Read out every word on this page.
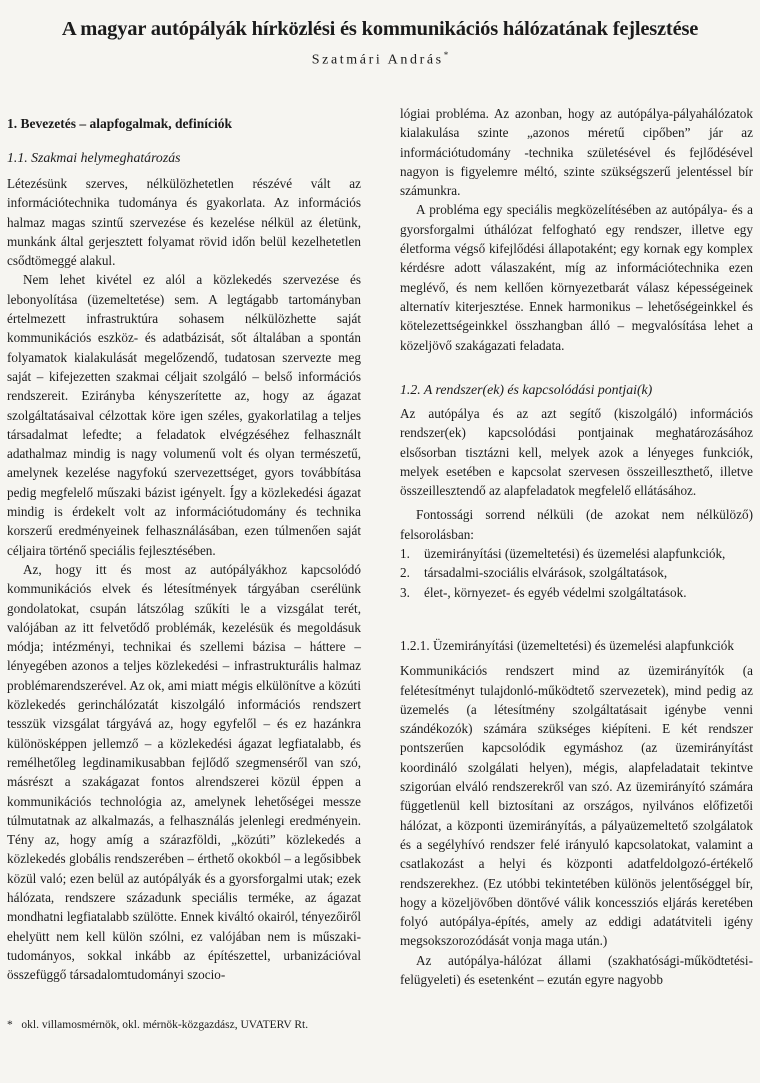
A magyar autópályák hírközlési és kommunikációs hálózatának fejlesztése
Szatmári András*
1. Bevezetés – alapfogalmak, definíciók
1.1. Szakmai helymeghatározás

Létezésünk szerves, nélkülözhetetlen részévé vált az információtechnika tudománya és gyakorlata. Az információs halmaz magas szintű szervezése és kezelése nélkül az életünk, munkánk által gerjesztett folyamat rövid időn belül kezelhetetlen csődtömeggé alakul.

Nem lehet kivétel ez alól a közlekedés szervezése és lebonyolítása (üzemeltetése) sem. A legtágabb tartományban értelmezett infrastruktúra sohasem nélkülözhette saját kommunikációs eszköz- és adatbázisát, sőt általában a spontán folyamatok kialakulását megelőzendő, tudatosan szervezte meg saját – kifejezetten szakmai céljait szolgáló – belső információs rendszereit. Ezirányba kényszerítette az, hogy az ágazat szolgáltatásaival célzottak köre igen széles, gyakorlatilag a teljes társadalmat lefedte; a feladatok elvégzéséhez felhasznált adathalmaz mindig is nagy volumenű volt és olyan természetű, amelynek kezelése nagyfokú szervezettséget, gyors továbbítása pedig megfelelő műszaki bázist igényelt. Így a közlekedési ágazat mindig is érdekelt volt az információtudomány és technika korszerű eredményeinek felhasználásában, ezen túlmenően saját céljaira történő speciális fejlesztésében.

Az, hogy itt és most az autópályákhoz kapcsolódó kommunikációs elvek és létesítmények tárgyában cserélünk gondolatokat, csupán látszólag szűkíti le a vizsgálat terét, valójában az itt felvetődő problémák, kezelésük és megoldásuk módja; intézményi, technikai és szellemi bázisa – háttere – lényegében azonos a teljes közlekedési – infrastrukturális halmaz problémarendszerével. Az ok, ami miatt mégis elkülönítve a közúti közlekedés gerinchálózatát kiszolgáló információs rendszert tesszük vizsgálat tárgyává az, hogy egyfelől – és ez hazánkra különösképpen jellemző – a közlekedési ágazat legfiatalabb, és remélhetőleg legdinamikusabban fejlődő szegmenséről van szó, másrészt a szakágazat fontos alrendszerei közül éppen a kommunikációs technológia az, amelynek lehetőségei messze túlmutatnak az alkalmazás, a felhasználás jelenlegi eredményein. Tény az, hogy amíg a szárazföldi, „közúti” közlekedés a közlekedés globális rendszerében – érthető okokból – a legősibbek közül való; ezen belül az autópályák és a gyorsforgalmi utak; ezek hálózata, rendszere századunk speciális terméke, az ágazat mondhatni legfiatalabb szülötte. Ennek kiváltó okairól, tényezőiről ehelyütt nem kell külön szólni, ez valójában nem is műszaki-tudományos, sokkal inkább az építészettel, urbanizációval összefüggő társadalomtudományi szocio-

lógiai probléma. Az azonban, hogy az autópálya-pályahálózatok kialakulása szinte „azonos méretű cipőben” jár az információtudomány -technika születésével és fejlődésével nagyon is figyelemre méltó, szinte szükségszerű jelentéssel bír számunkra.

A probléma egy speciális megközelítésében az autópálya- és a gyorsforgalmi úthálózat felfogható egy rendszer, illetve egy életforma végső kifejlődési állapotaként; egy kornak egy komplex kérdésre adott válaszaként, míg az információtechnika ezen meglévő, és nem kellően környezetbarát válasz képességeinek alternatív kiterjesztése. Ennek harmonikus – lehetőségeinkkel és kötelezettségeinkkel összhangban álló – megvalósítása lehet a közeljövő szakágazati feladata.

1.2. A rendszer(ek) és kapcsolódási pontjai(k)

Az autópálya és az azt segítő (kiszolgáló) információs rendszer(ek) kapcsolódási pontjainak meghatározásához elsősorban tisztázni kell, melyek azok a lényeges funkciók, melyek esetében e kapcsolat szervesen összeilleszthető, illetve összeillesztendő az alapfeladatok megfelelő ellátásához.

Fontossági sorrend nélküli (de azokat nem nélkülöző) felsorolásban:

1. üzemirányítási (üzemeltetési) és üzemelési alapfunkciók,
2. társadalmi-szociális elvárások, szolgáltatások,
3. élet-, környezet- és egyéb védelmi szolgáltatások.

1.2.1. Üzemirányítási (üzemeltetési) és üzemelési alapfunkciók

Kommunikációs rendszert mind az üzemirányítók (a felétesítményt tulajdonló-működtető szervezetek), mind pedig az üzemelés (a létesítmény szolgáltatásait igénybe venni szándékozók) számára szükséges kiépíteni. E két rendszer pontszerűen kapcsolódik egymáshoz (az üzemirányítást koordináló szolgálati helyen), mégis, alapfeladatait tekintve szigorúan elváló rendszerekről van szó. Az üzemirányító számára függetlenül kell biztosítani az országos, nyilvános előfizetői hálózat, a központi üzemirányítás, a pályaüzemeltető szolgálatok és a segélyhívó rendszer felé irányuló kapcsolatokat, valamint a csatlakozást a helyi és központi adatfeldolgozó-értékelő rendszerekhez. (Ez utóbbi tekintetében különös jelentőséggel bír, hogy a közeljövőben döntővé válik koncessziós eljárás keretében folyó autópálya-építés, amely az eddigi adatátviteli igény megsokszorozódását vonja maga után.)

Az autópálya-hálózat állami (szakhatósági-működtetési-felügyeleti) és esetenként – ezután egyre nagyobb

* okl. villamosmérnök, okl. mérnök-közgazdász, UVATERV Rt.
